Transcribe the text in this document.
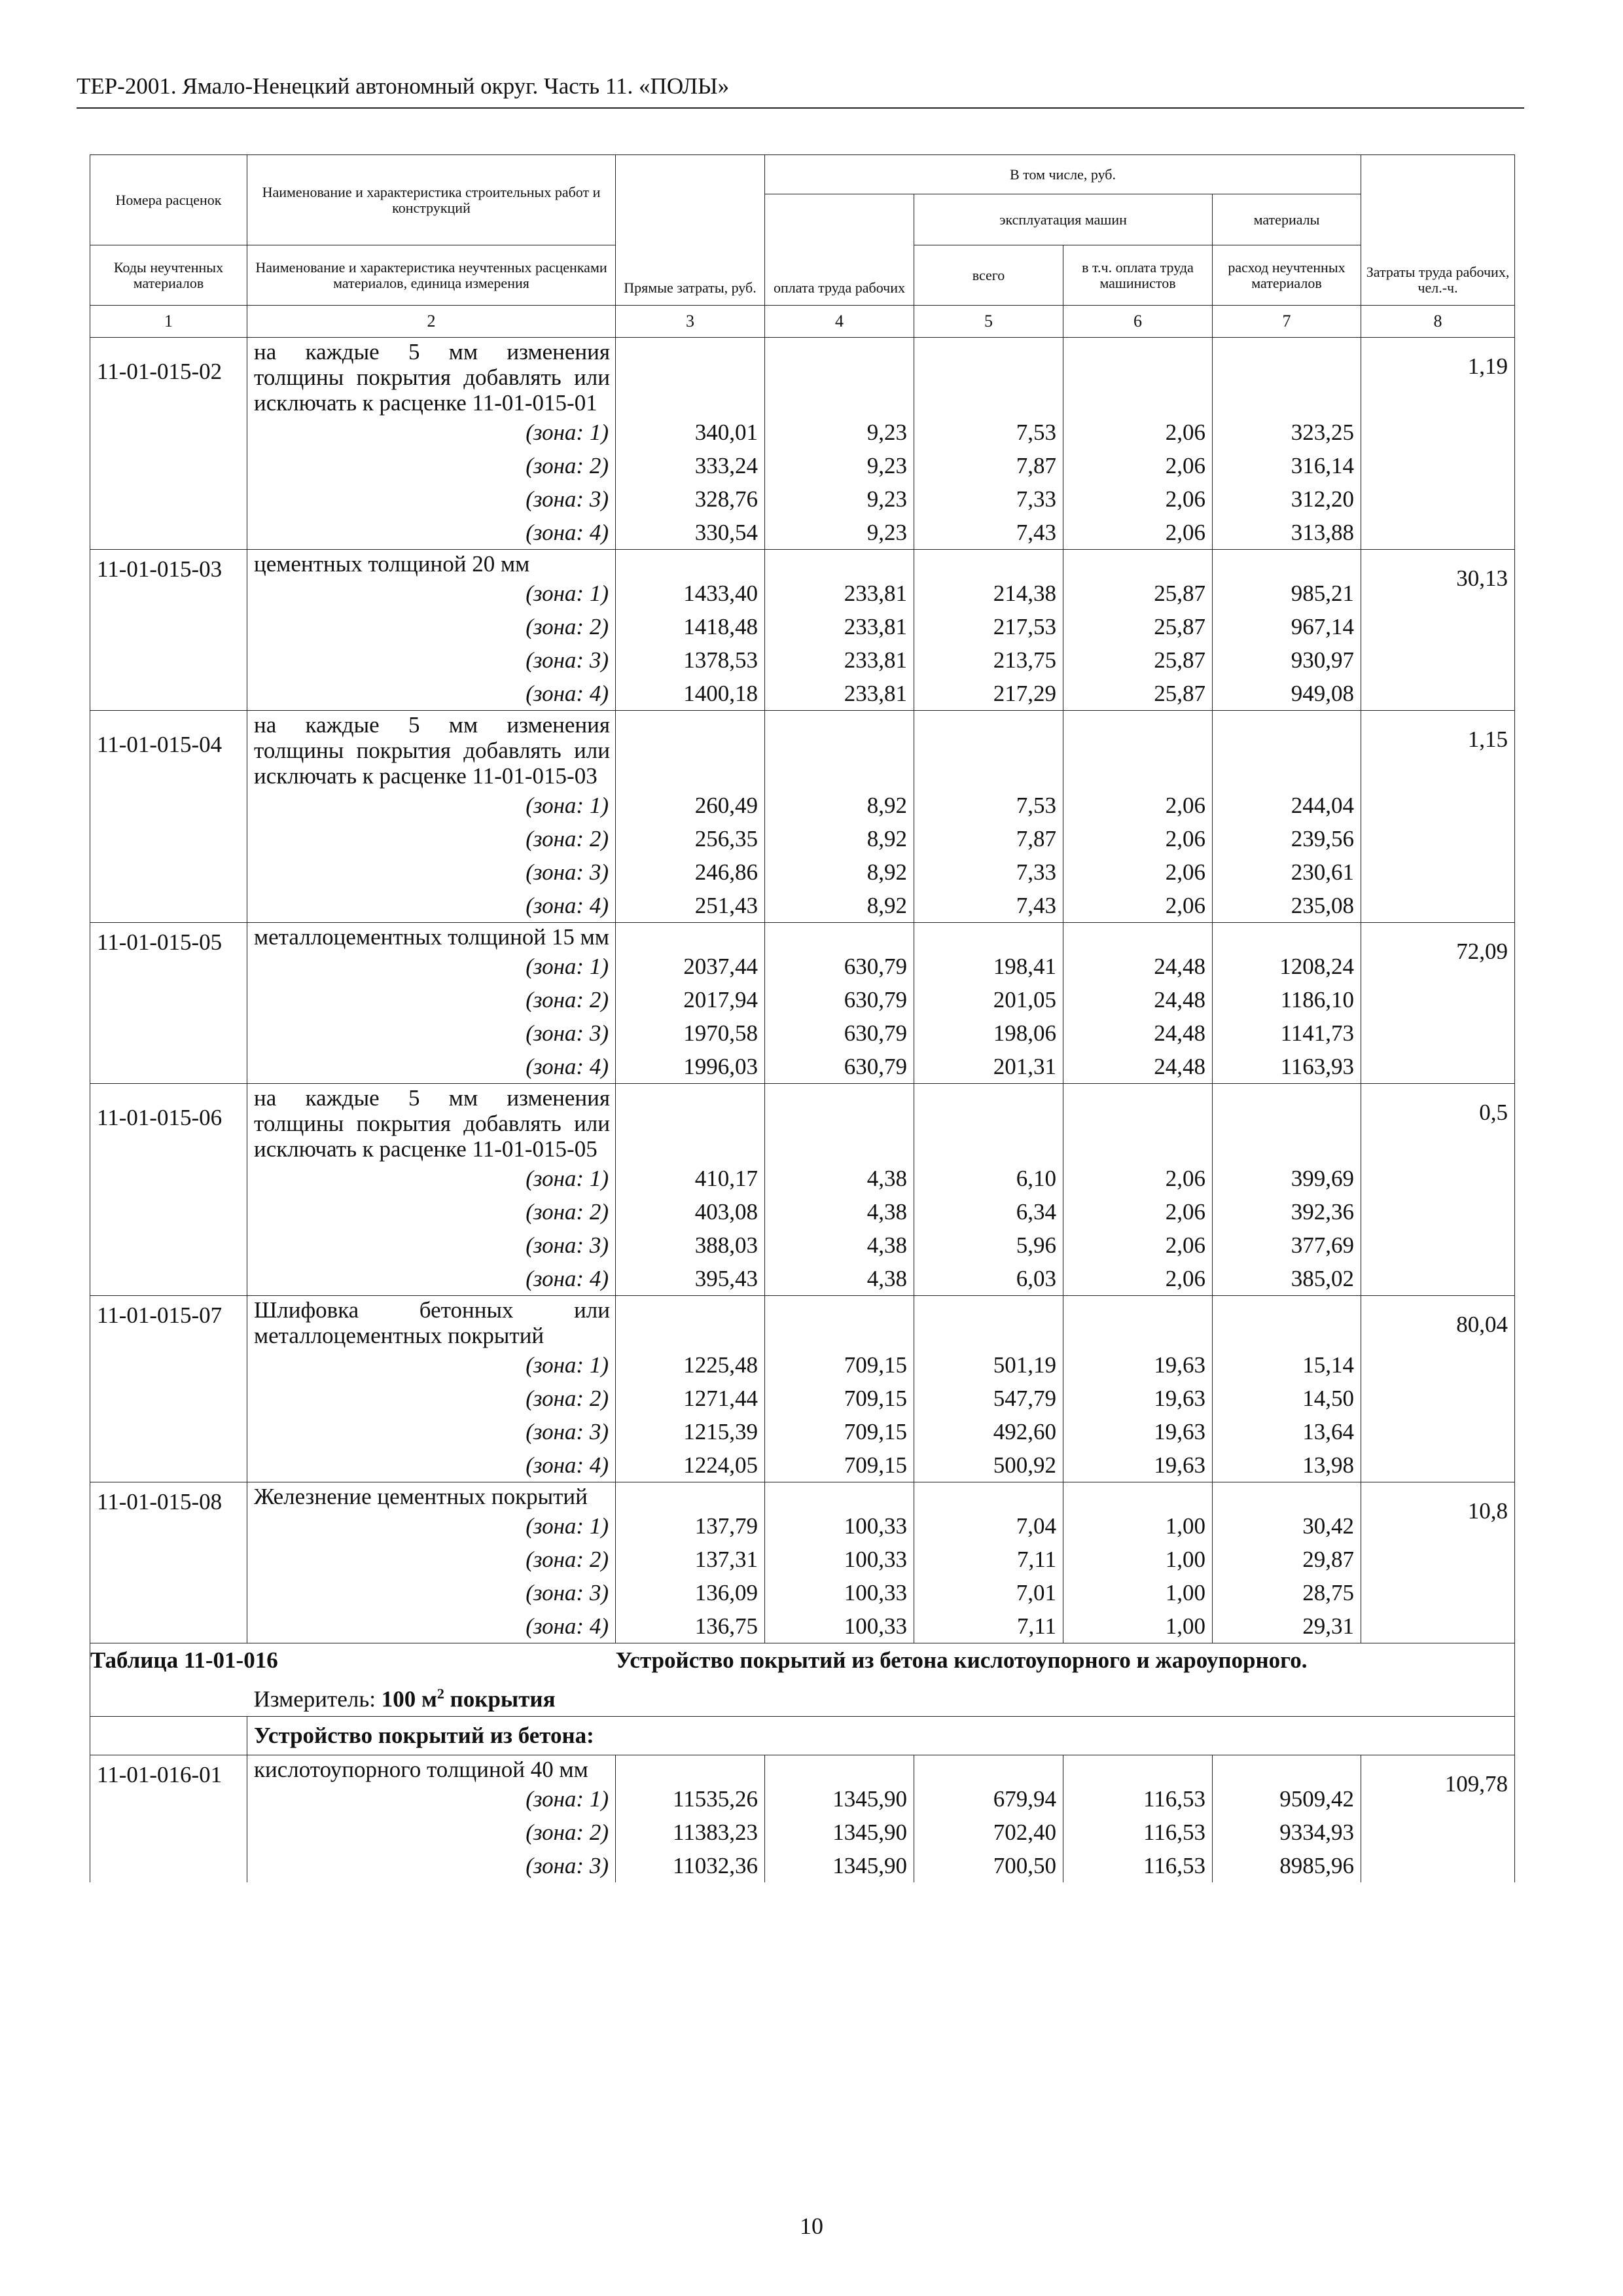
ТЕР-2001. Ямало-Ненецкий автономный округ. Часть 11. «ПОЛЫ»
Номера расценок	Наименование и характеристика строительных работ и конструкций	Прямые затраты, руб.	В том числе, руб.				Затраты труда рабочих, чел.-ч.
			оплата труда рабочих	эксплуатация машин		материалы	
Коды неучтенных материалов	Наименование и характеристика неучтенных расценками материалов, единица измерения			всего	в т.ч. оплата труда машинистов	расход неучтенных материалов	

1	2	3	4	5	6	7	8
11-01-015-02	на каждые 5 мм изменения толщины покрытия добавлять или исключать к расценке 11-01-015-01						1,19
	(зона: 1)	340,01	9,23	7,53	2,06	323,25	
	(зона: 2)	333,24	9,23	7,87	2,06	316,14	
	(зона: 3)	328,76	9,23	7,33	2,06	312,20	
	(зона: 4)	330,54	9,23	7,43	2,06	313,88	
11-01-015-03	цементных толщиной 20 мм						30,13
	(зона: 1)	1433,40	233,81	214,38	25,87	985,21	
	(зона: 2)	1418,48	233,81	217,53	25,87	967,14	
	(зона: 3)	1378,53	233,81	213,75	25,87	930,97	
	(зона: 4)	1400,18	233,81	217,29	25,87	949,08	
11-01-015-04	на каждые 5 мм изменения толщины покрытия добавлять или исключать к расценке 11-01-015-03						1,15
	(зона: 1)	260,49	8,92	7,53	2,06	244,04	
	(зона: 2)	256,35	8,92	7,87	2,06	239,56	
	(зона: 3)	246,86	8,92	7,33	2,06	230,61	
	(зона: 4)	251,43	8,92	7,43	2,06	235,08	
11-01-015-05	металлоцементных толщиной 15 мм						72,09
	(зона: 1)	2037,44	630,79	198,41	24,48	1208,24	
	(зона: 2)	2017,94	630,79	201,05	24,48	1186,10	
	(зона: 3)	1970,58	630,79	198,06	24,48	1141,73	
	(зона: 4)	1996,03	630,79	201,31	24,48	1163,93	
11-01-015-06	на каждые 5 мм изменения толщины покрытия добавлять или исключать к расценке 11-01-015-05						0,5
	(зона: 1)	410,17	4,38	6,10	2,06	399,69	
	(зона: 2)	403,08	4,38	6,34	2,06	392,36	
	(зона: 3)	388,03	4,38	5,96	2,06	377,69	
	(зона: 4)	395,43	4,38	6,03	2,06	385,02	
11-01-015-07	Шлифовка бетонных или металлоцементных покрытий						80,04
	(зона: 1)	1225,48	709,15	501,19	19,63	15,14	
	(зона: 2)	1271,44	709,15	547,79	19,63	14,50	
	(зона: 3)	1215,39	709,15	492,60	19,63	13,64	
	(зона: 4)	1224,05	709,15	500,92	19,63	13,98	
11-01-015-08	Железнение цементных покрытий						10,8
	(зона: 1)	137,79	100,33	7,04	1,00	30,42	
	(зона: 2)	137,31	100,33	7,11	1,00	29,87	
	(зона: 3)	136,09	100,33	7,01	1,00	28,75	
	(зона: 4)	136,75	100,33	7,11	1,00	29,31	
Таблица 11-01-016		Устройство покрытий из бетона кислотоупорного и жароупорного.					
	Измеритель: 100 $м^2$ покрытия						
	Устройство покрытий из бетона:						
11-01-016-01	кислотоупорного толщиной 40 мм						109,78
	(зона: 1)	11535,26	1345,90	679,94	116,53	9509,42	
	(зона: 2)	11383,23	1345,90	702,40	116,53	9334,93	
	(зона: 3)	11032,36	1345,90	700,50	116,53	8985,96	
10
